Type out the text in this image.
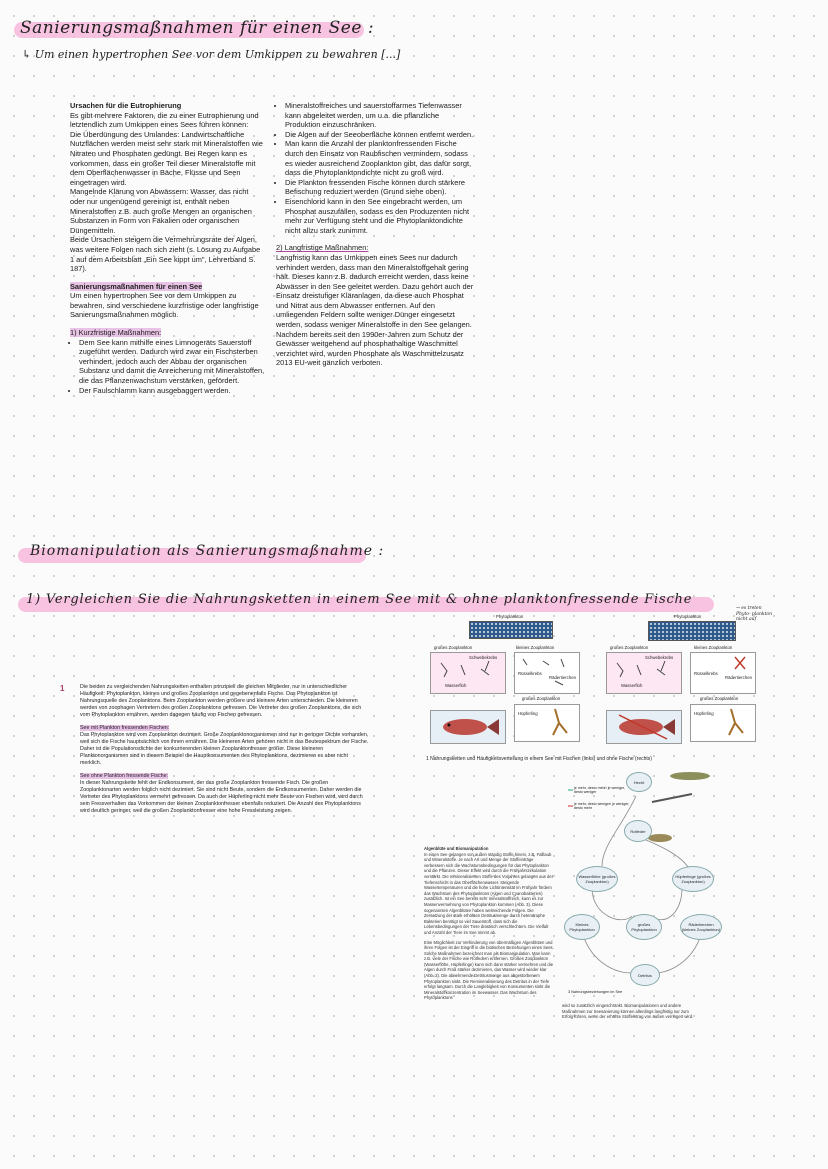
Sanierungsmaßnahmen für einen See :
↳ Um einen hypertrophen See vor dem Umkippen zu bewahren [...]

Ursachen für die Eutrophierung

Es gibt mehrere Faktoren, die zu einer Eutrophierung und letztendlich zum Umkippen eines Sees führen können:

Die Überdüngung des Umlandes: Landwirtschaftliche Nutzflächen werden meist sehr stark mit Mineralstoffen wie Nitraten und Phosphaten gedüngt. Bei Regen kann es vorkommen, dass ein großer Teil dieser Mineralstoffe mit dem Oberflächenwasser in Bäche, Flüsse und Seen eingetragen wird.

Mangelnde Klärung von Abwässern: Wasser, das nicht oder nur ungenügend gereinigt ist, enthält neben Mineralstoffen z.B. auch große Mengen an organischen Substanzen in Form von Fäkalien oder organischen Düngemitteln.

Beide Ursachen steigern die Vermehrungsrate der Algen, was weitere Folgen nach sich zieht (s. Lösung zu Aufgabe 1 auf dem Arbeitsblatt „Ein See kippt um", Lehrerband S. 187).

Sanierungsmaßnahmen für einen See

Um einen hypertrophen See vor dem Umkippen zu bewahren, sind verschiedene kurzfristige oder langfristige Sanierungsmaßnahmen möglich.

1) Kurzfristige Maßnahmen:

• Dem See kann mithilfe eines Limnogeräts Sauerstoff zugeführt werden. Dadurch wird zwar ein Fischsterben verhindert, jedoch auch der Abbau der organischen Substanz und damit die Anreicherung mit Mineralstoffen, die das Pflanzenwachstum verstärken, gefördert.
• Der Faulschlamm kann ausgebaggert werden.
• Mineralstoffreiches und sauerstoffarmes Tiefenwasser kann abgeleitet werden, um u.a. die pflanzliche Produktion einzuschränken.
• Die Algen auf der Seeoberfläche können entfernt werden.
• Man kann die Anzahl der planktonfressenden Fische durch den Einsatz von Raubfischen vermindern, sodass es wieder ausreichend Zooplankton gibt, das dafür sorgt, dass die Phytoplanktondichte nicht zu groß wird.
• Die Plankton fressenden Fische können durch stärkere Befischung reduziert werden (Grund siehe oben).
• Eisenchlorid kann in den See eingebracht werden, um Phosphat auszufällen, sodass es den Produzenten nicht mehr zur Verfügung steht und die Phytoplanktondichte nicht allzu stark zunimmt.

2) Langfristige Maßnahmen:

Langfristig kann das Umkippen eines Sees nur dadurch verhindert werden, dass man den Mineralstoffgehalt gering hält. Dieses kann z.B. dadurch erreicht werden, dass keine Abwässer in den See geleitet werden. Dazu gehört auch der Einsatz dreistufiger Kläranlagen, da diese auch Phosphat und Nitrat aus dem Abwasser entfernen. Auf den umliegenden Feldern sollte weniger Dünger eingesetzt werden, sodass weniger Mineralstoffe in den See gelangen. Nachdem bereits seit den 1990er-Jahren zum Schutz der Gewässer weitgehend auf phosphathaltige Waschmittel verzichtet wird, wurden Phosphate als Waschmittelzusatz 2013 EU-weit gänzlich verboten.

Biomanipulation als Sanierungsmaßnahme :
1) Vergleichen Sie die Nahrungsketten in einem See mit & ohne planktonfressende Fische
1	Die beiden zu vergleichenden Nahrungsketten enthalten prinzipiell die gleichen Mitglieder, nur in unterschiedlicher Häufigkeit: Phytoplankton, kleines und großes Zooplankton und gegebenenfalls Fische. Das Phytoplankton ist Nahrungsquelle des Zooplanktons. Beim Zooplankton werden größere und kleinere Arten unterschieden. Die kleineren werden von zoophagen Vertretern des großen Zooplanktons gefressen. Die Vertreter des großen Zooplanktons, die sich vom Phytoplankton ernähren, werden dagegen häufig von Fischen gefressen.

See mit Plankton fressenden Fischen:

Das Phytoplankton wird vom Zooplankton dezimiert. Große Zooplanktonorganismen sind nur in geringer Dichte vorhanden, weil sich die Fische hauptsächlich von ihnen ernähren. Die kleineren Arten gehören nicht in das Beutespektrum der Fische. Daher ist die Populationsdichte der konkurrierenden kleinen Zooplanktonfresser größer. Diese kleineren Planktonorganismen sind in diesem Beispiel die Hauptkonsumenten des Phytoplanktons, dezimieren es aber nicht merklich.

See ohne Plankton fressende Fische:

In dieser Nahrungskette fehlt der Endkonsument, der das große Zooplankton fressende Fisch. Die großen Zooplanktonarten werden folglich nicht dezimiert. Sie sind nicht Beute, sondern die Endkonsumenten. Daher werden die Vertreter des Phytoplanktons vermehrt gefressen. Da auch der Hüpferling nicht mehr Beute von Fischen wird, wird durch sein Fressverhalten das Vorkommen der kleinen Zooplanktonfresser ebenfalls reduziert. Die Anzahl des Phytoplanktons wird deutlich geringer, weil die großen Zooplanktonfresser eine hohe Fressleistung zeigen.

Phytoplankton
großes Zooplankton	kleines Zooplankton
Schwebekrebs
Wasserfloh
Rüsselkrebs
Rädertierchen
großes Zooplankton
Hüpferling
Phytoplankton
großes Zooplankton	kleines Zooplankton
Schwebekrebs
Wasserfloh
Rüsselkrebs
Rädertierchen
großes Zooplankton
Hüpferling
→ es treten Phyto- plankton nicht auf
1 Nahrungsketten und Häufigkeitsverteilung in einem See mit Fischen (links) und ohne Fische (rechts)

Algenblüte und Biomanipulation

In einen See gelangen von außen ständig Stoffe hinein, z.B. Falllaub und Mineralstoffe. Je nach Art und Menge der Stoffeinträge verbessern sich die Wachstumsbedingungen für das Phytoplankton und die Pflanzen. Dieser Effekt wird durch die Frühjahrszirkulation verstärkt. Die remineralisierten Stoffe des Vorjahres gelangen aus der Tiefenschicht in das Oberflächenwasser. Steigende Wassertemperaturen und die hohe Lichtintensität im Frühjahr fördern das Wachstum des Phytoplanktons (Algen und Cyanobakterien) zusätzlich. Ist ein See bereits sehr mineralstoffreich, kann es zur Massenvermehrung von Phytoplankton kommen (Abb. 3). Diese sogenannten Algenblüten haben weitreichende Folgen. Die Zersetzung der stark erhöhten Detritusmenge durch heterotrophe Bakterien benötigt so viel Sauerstoff, dass sich die Lebensbedingungen der Tiere drastisch verschlechtern. Die Vielfalt und Anzahl der Tiere im See nimmt ab.

Eine Möglichkeit zur Verhinderung von übermäßigen Algenblüten und ihren Folgen ist der Eingriff in die biotischen Beziehungen eines Sees. Solche Maßnahmen bezeichnet man als Biomanipulation. Man kann z.B. viele der Fische wie Rotfedern entfernen. Großes Zooplankton (Wasserflöhe, Hüpferlinge) kann sich dann stärker vermehren und die Algen durch Fraß stärker dezimieren, das Wasser wird wieder klar (Abb. 3). Die abnehmende Detritusmenge aus abgestorbenem Phytoplankton sinkt. Die Remineralisierung des Detritus in der Tiefe erfolgt langsam. Durch die Langlebigkeit von Konsumenten sinkt die Mineralstoffkonzentration im Seewasser. Das Wachstum des Phytoplanktons

wird so zusätzlich eingeschränkt. Biomanipulationen und andere Maßnahmen zur Seesanierung können allerdings langfristig nur zum Erfolg führen, wenn der erhöhte Stoffeintrag von außen verringert wird.

je mehr, desto mehr/ je weniger, desto weniger
je mehr, desto weniger/ je weniger, desto mehr
Hecht
Rotfeder
Wasserflöhe (großes Zooplankton)
Hüpferlinge (großes Zooplankton)
Kleines Phytoplankton
großes Phytoplankton
Rädertierchen (kleines Zooplankton)
Detritus
3 Nahrungsbeziehungen im See
